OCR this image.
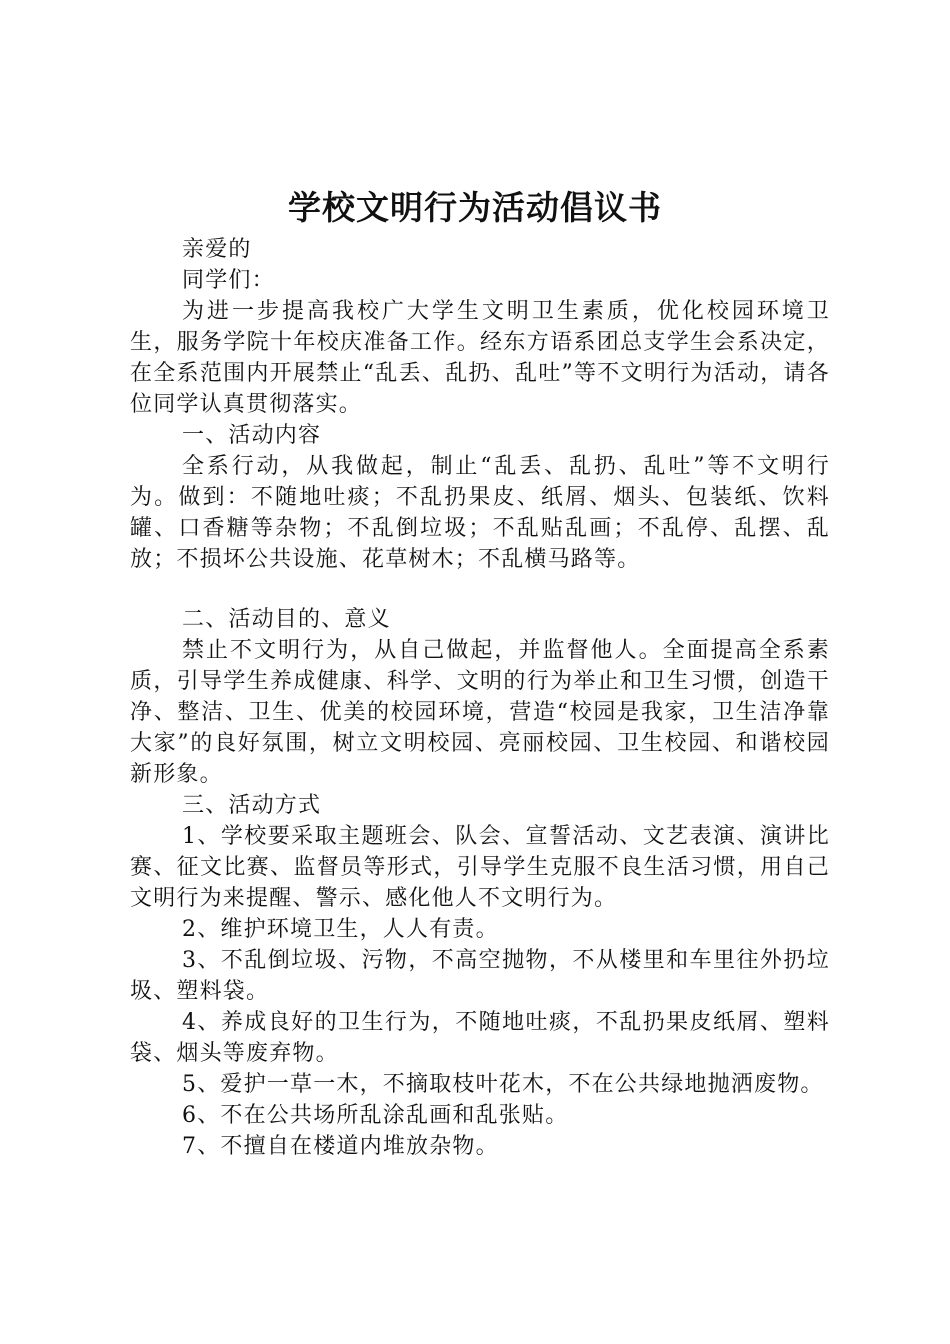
学校文明行为活动倡议书

亲爱的

同学们：

为进一步提高我校广大学生文明卫生素质，优化校园环境卫生，服务学院十年校庆准备工作。经东方语系团总支学生会系决定，在全系范围内开展禁止“乱丢、乱扔、乱吐”等不文明行为活动，请各位同学认真贯彻落实。

一、活动内容

全系行动，从我做起，制止“乱丢、乱扔、乱吐”等不文明行为。做到：不随地吐痰；不乱扔果皮、纸屑、烟头、包装纸、饮料罐、口香糖等杂物；不乱倒垃圾；不乱贴乱画；不乱停、乱摆、乱放；不损坏公共设施、花草树木；不乱横马路等。

二、活动目的、意义

禁止不文明行为，从自己做起，并监督他人。全面提高全系素质，引导学生养成健康、科学、文明的行为举止和卫生习惯，创造干净、整洁、卫生、优美的校园环境，营造“校园是我家，卫生洁净靠大家”的良好氛围，树立文明校园、亮丽校园、卫生校园、和谐校园新形象。

三、活动方式

1、学校要采取主题班会、队会、宣誓活动、文艺表演、演讲比赛、征文比赛、监督员等形式，引导学生克服不良生活习惯，用自己文明行为来提醒、警示、感化他人不文明行为。

2、维护环境卫生，人人有责。

3、不乱倒垃圾、污物，不高空抛物，不从楼里和车里往外扔垃圾、塑料袋。

4、养成良好的卫生行为，不随地吐痰，不乱扔果皮纸屑、塑料袋、烟头等废弃物。

5、爱护一草一木，不摘取枝叶花木，不在公共绿地抛洒废物。

6、不在公共场所乱涂乱画和乱张贴。

7、不擅自在楼道内堆放杂物。
